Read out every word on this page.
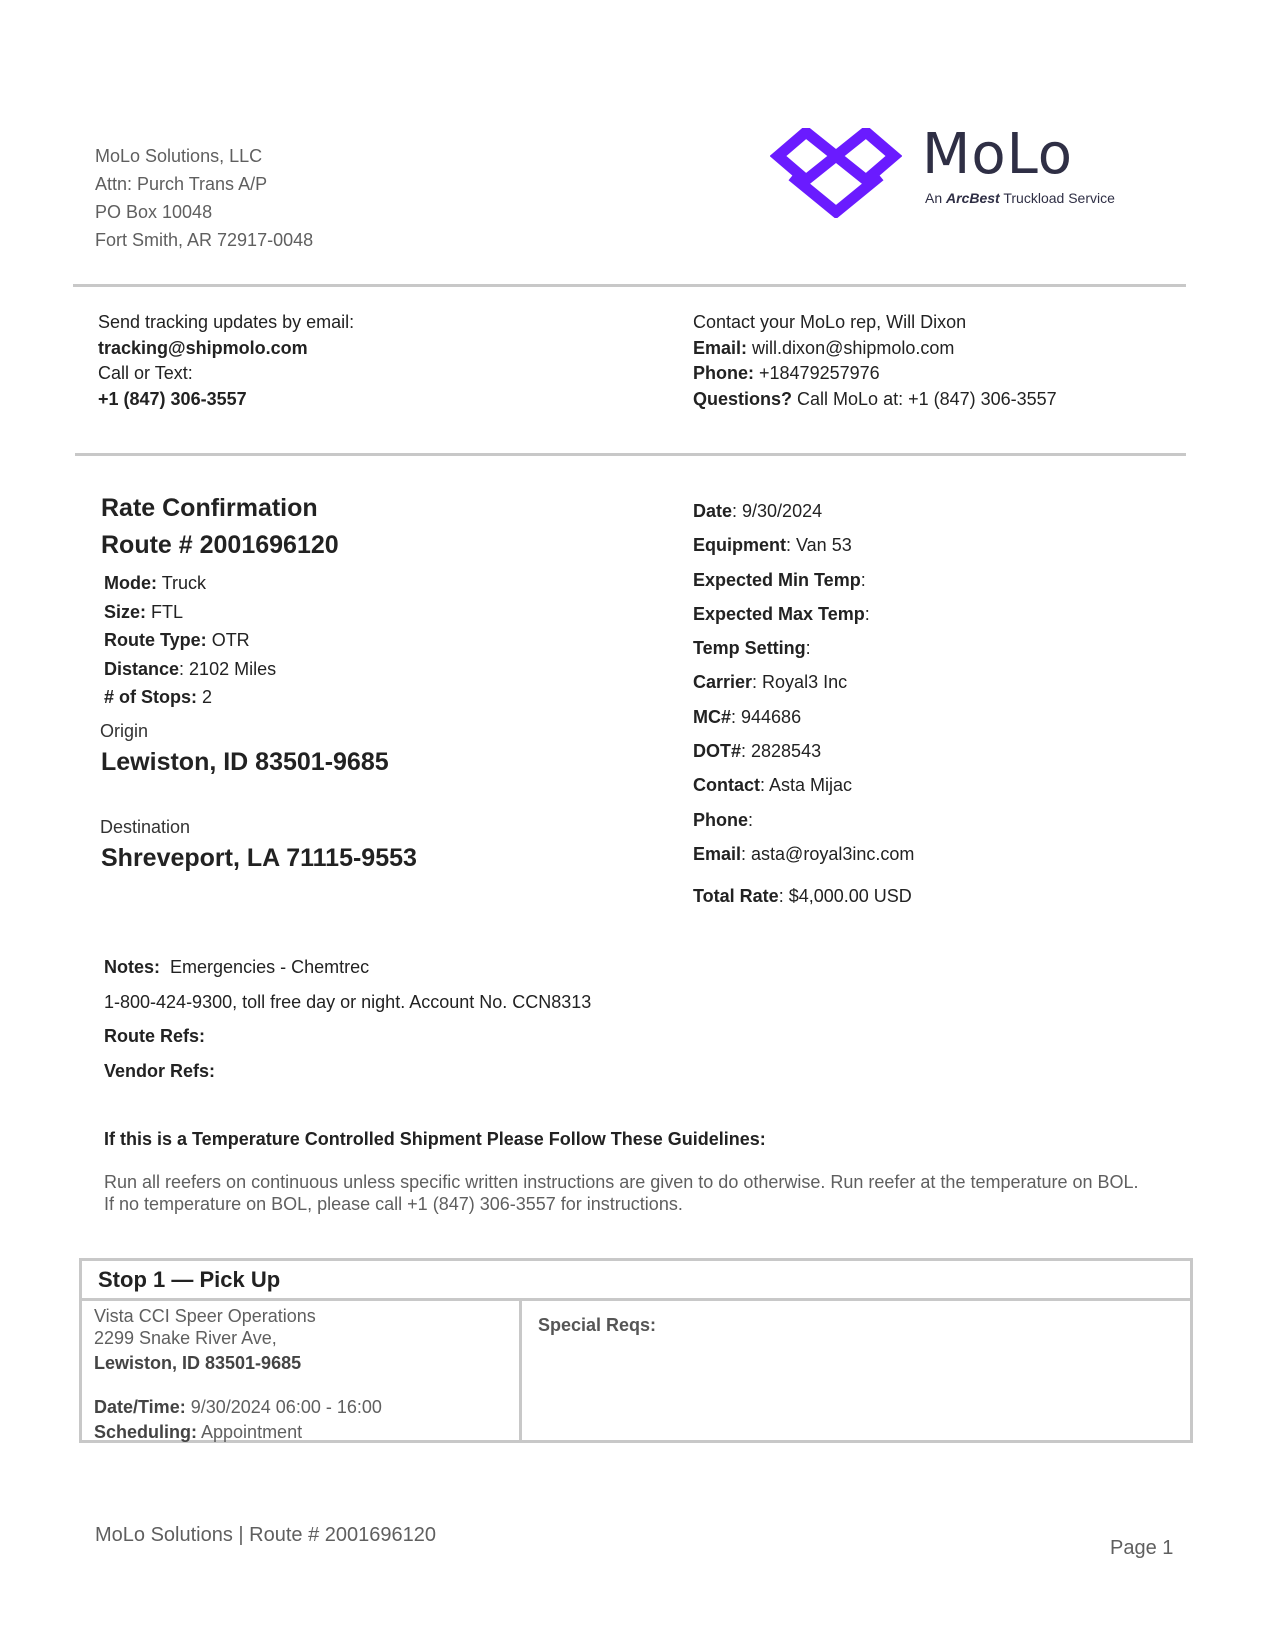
MoLo Solutions, LLC
Attn: Purch Trans A/P
PO Box 10048
Fort Smith, AR 72917-0048
MoLo
An ArcBest Truckload Service
Send tracking updates by email:
tracking@shipmolo.com
Call or Text:
+1 (847) 306-3557
Contact your MoLo rep, Will Dixon
Email: will.dixon@shipmolo.com
Phone: +18479257976
Questions? Call MoLo at: +1 (847) 306-3557
Rate Confirmation
Route # 2001696120
Mode: Truck
Size: FTL
Route Type: OTR
Distance: 2102 Miles
# of Stops: 2
Origin
Lewiston, ID 83501-9685
Destination
Shreveport, LA 71115-9553
Date: 9/30/2024
Equipment: Van 53
Expected Min Temp:
Expected Max Temp:
Temp Setting:
Carrier: Royal3 Inc
MC#: 944686
DOT#: 2828543
Contact: Asta Mijac
Phone:
Email: asta@royal3inc.com
Total Rate: $4,000.00 USD
Notes: Emergencies - Chemtrec
1-800-424-9300, toll free day or night. Account No. CCN8313
Route Refs:
Vendor Refs:
If this is a Temperature Controlled Shipment Please Follow These Guidelines:
Run all reefers on continuous unless specific written instructions are given to do otherwise. Run reefer at the temperature on BOL.
If no temperature on BOL, please call +1 (847) 306-3557 for instructions.
Stop 1 — Pick Up
Vista CCI Speer Operations
2299 Snake River Ave,
Lewiston, ID 83501-9685
Date/Time: 9/30/2024 06:00 - 16:00
Scheduling: Appointment
Special Reqs:
MoLo Solutions | Route # 2001696120
Page 1
